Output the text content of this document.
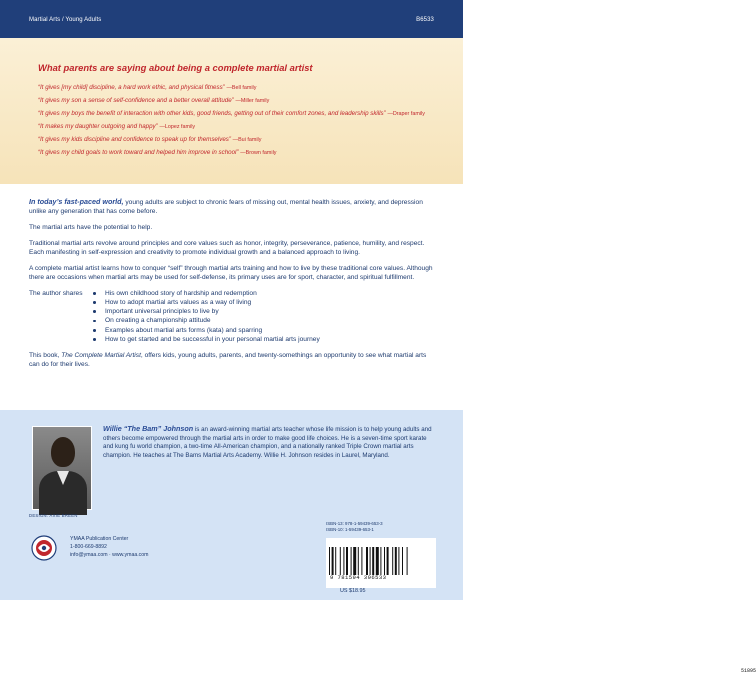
Martial Arts / Young Adults	B6533
What parents are saying about being a complete martial artist
“It gives [my child] discipline, a hard work ethic, and physical fitness” —Bell family
“It gives my son a sense of self-confidence and a better overall attitude” —Miller family
“It gives my boys the benefit of interaction with other kids, good friends, getting out of their comfort zones, and leadership skills” —Draper family
“It makes my daughter outgoing and happy” —Lopez family
“It gives my kids discipline and confidence to speak up for themselves” —Bui family
“It gives my child goals to work toward and helped him improve in school” —Brown family

In today’s fast-paced world, young adults are subject to chronic fears of missing out, mental health issues, anxiety, and depression unlike any generation that has come before.

The martial arts have the potential to help.

Traditional martial arts revolve around principles and core values such as honor, integrity, perseverance, patience, humility, and respect. Each manifesting in self-expression and creativity to promote individual growth and a balanced approach to living.

A complete martial artist learns how to conquer “self” through martial arts training and how to live by these traditional core values. Although there are occasions when martial arts may be used for self-defense, its primary uses are for sport, character, and spiritual fulfillment.

The author shares	His own childhood story of hardship and redemption
How to adopt martial arts values as a way of living
Important universal principles to live by
On creating a championship attitude
Examples about martial arts forms (kata) and sparring
How to get started and be successful in your personal martial arts journey

This book, The Complete Martial Artist, offers kids, young adults, parents, and twenty-somethings an opportunity to see what martial arts can do for their lives.

Willie “The Bam” Johnson is an award-winning martial arts teacher whose life mission is to help young adults and others become empowered through the martial arts in order to make good life choices. He is a seven-time sport karate and kung fu world champion, a two-time All-American champion, and a nationally ranked Triple Crown martial arts champion. He teaches at The Bams Martial Arts Academy. Willie H. Johnson resides in Laurel, Maryland.
DESIGN: AXIE BREEN
YMAA Publication Center
1-800-669-8892
info@ymaa.com · www.ymaa.com
ISBN-13: 978-1-59439-653-3
ISBN-10: 1-59439-653-1
51895
9 781594 396533
US $18.95
